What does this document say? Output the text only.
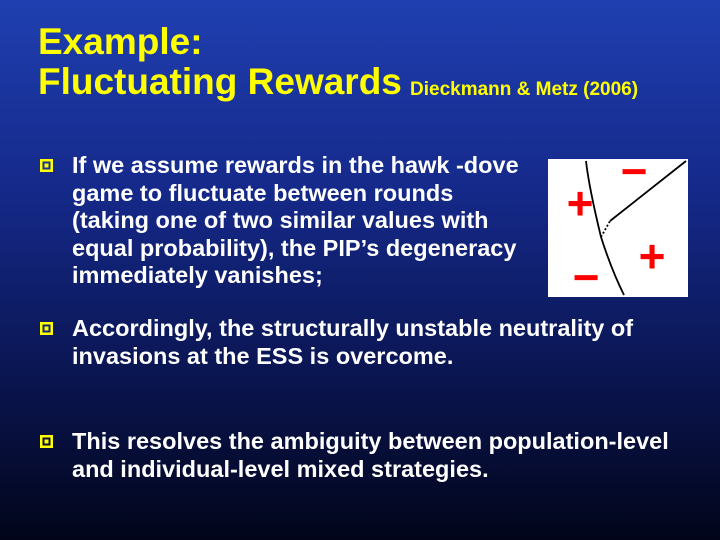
Example:
Fluctuating Rewards Dieckmann & Metz (2006)
If we assume rewards in the hawk -dove game to fluctuate between rounds (taking one of two similar values with equal probability), the PIP’s degeneracy immediately vanishes;
Accordingly, the structurally unstable neutrality of invasions at the ESS is overcome.
This resolves the ambiguity between population-level and individual-level mixed strategies.
+
−
− +
